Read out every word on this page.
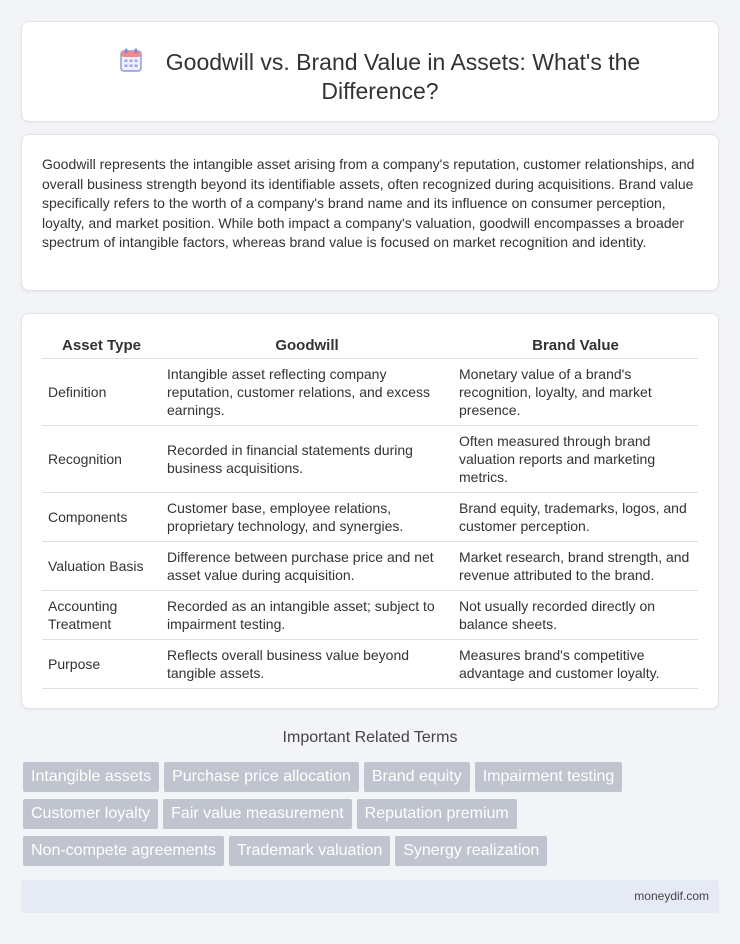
Goodwill vs. Brand Value in Assets: What's the Difference?

Goodwill represents the intangible asset arising from a company's reputation, customer relationships, and overall business strength beyond its identifiable assets, often recognized during acquisitions. Brand value specifically refers to the worth of a company's brand name and its influence on consumer perception, loyalty, and market position. While both impact a company's valuation, goodwill encompasses a broader spectrum of intangible factors, whereas brand value is focused on market recognition and identity.

Asset Type	Goodwill	Brand Value
Definition	Intangible asset reflecting company reputation, customer relations, and excess earnings.	Monetary value of a brand's recognition, loyalty, and market presence.
Recognition	Recorded in financial statements during business acquisitions.	Often measured through brand valuation reports and marketing metrics.
Components	Customer base, employee relations, proprietary technology, and synergies.	Brand equity, trademarks, logos, and customer perception.
Valuation Basis	Difference between purchase price and net asset value during acquisition.	Market research, brand strength, and revenue attributed to the brand.
Accounting Treatment	Recorded as an intangible asset; subject to impairment testing.	Not usually recorded directly on balance sheets.
Purpose	Reflects overall business value beyond tangible assets.	Measures brand's competitive advantage and customer loyalty.
Important Related Terms
Intangible assets Purchase price allocation Brand equity Impairment testing
Customer loyalty Fair value measurement Reputation premium
Non-compete agreements Trademark valuation Synergy realization
moneydif.com
